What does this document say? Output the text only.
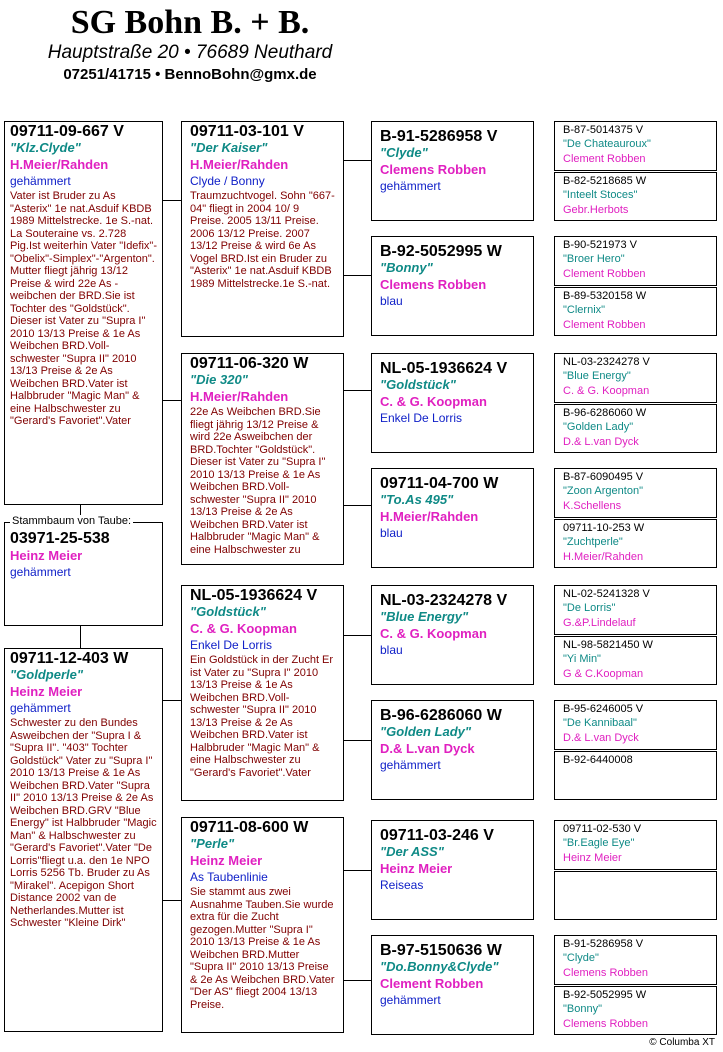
SG Bohn B. + B.
Hauptstraße 20 • 76689 Neuthard
07251/41715 • BennoBohn@gmx.de
09711-09-667 V
"Klz.Clyde"
H.Meier/Rahden
gehämmert
Vater ist Bruder zu As "Asterix" 1e nat.Asduif KBDB 1989 Mittelstrecke. 1e S.-nat. La Souteraine vs. 2.728 Pig.Ist weiterhin Vater "Idefix"-"Obelix"-Simplex"-"Argenton". Mutter fliegt jährig 13/12 Preise & wird 22e As - weibchen der BRD.Sie ist Tochter des "Goldstück". Dieser ist Vater zu "Supra I" 2010 13/13 Preise & 1e As Weibchen BRD.Voll-schwester "Supra II" 2010 13/13 Preise & 2e As Weibchen BRD.Vater ist Halbbruder "Magic Man" & eine Halbschwester zu "Gerard's Favoriet".Vater
03971-25-538
Heinz Meier
gehämmert
Stammbaum von Taube:
09711-12-403 W
"Goldperle"
Heinz Meier
gehämmert
Schwester zu den Bundes Asweibchen der "Supra I & "Supra II". "403" Tochter Goldstück" Vater zu "Supra I" 2010 13/13 Preise & 1e As Weibchen BRD.Vater "Supra II" 2010 13/13 Preise & 2e As Weibchen BRD.GRV "Blue Energy" ist Halbbruder "Magic Man" & Halbschwester zu "Gerard's Favoriet".Vater "De Lorris"fliegt u.a. den 1e NPO Lorris 5256 Tb. Bruder zu As "Mirakel". Acepigon Short Distance 2002 van de Netherlandes.Mutter ist Schwester "Kleine Dirk"
09711-03-101 V
"Der Kaiser"
H.Meier/Rahden
Clyde / Bonny
Traumzuchtvogel. Sohn "667-04" fliegt in 2004 10/ 9 Preise. 2005 13/11 Preise. 2006 13/12 Preise. 2007 13/12 Preise & wird 6e As Vogel BRD.Ist ein Bruder zu "Asterix" 1e nat.Asduif KBDB 1989 Mittelstrecke.1e S.-nat.
09711-06-320 W
"Die 320"
H.Meier/Rahden
22e As Weibchen BRD.Sie fliegt jährig 13/12 Preise & wird 22e Asweibchen der BRD.Tochter "Goldstück". Dieser ist Vater zu "Supra I" 2010 13/13 Preise & 1e As Weibchen BRD.Voll-schwester "Supra II" 2010 13/13 Preise & 2e As Weibchen BRD.Vater ist Halbbruder "Magic Man" & eine Halbschwester zu
NL-05-1936624 V
"Goldstück"
C. & G. Koopman
Enkel De Lorris
Ein Goldstück in der Zucht Er ist Vater zu "Supra I" 2010 13/13 Preise & 1e As Weibchen BRD.Voll-schwester "Supra II" 2010 13/13 Preise & 2e As Weibchen BRD.Vater ist Halbbruder "Magic Man" & eine Halbschwester zu "Gerard's Favoriet".Vater
09711-08-600 W
"Perle"
Heinz Meier
As Taubenlinie
Sie stammt aus zwei Ausnahme Tauben.Sie wurde extra für die Zucht gezogen.Mutter "Supra I" 2010 13/13 Preise & 1e As Weibchen BRD.Mutter "Supra II" 2010 13/13 Preise & 2e As Weibchen BRD.Vater "Der AS" fliegt 2004 13/13 Preise.
B-91-5286958 V
"Clyde"
Clemens Robben
gehämmert
B-92-5052995 W
"Bonny"
Clemens Robben
blau
NL-05-1936624 V
"Goldstück"
C. & G. Koopman
Enkel De Lorris
09711-04-700 W
"To.As 495"
H.Meier/Rahden
blau
NL-03-2324278 V
"Blue Energy"
C. & G. Koopman
blau
B-96-6286060 W
"Golden Lady"
D.& L.van Dyck
gehämmert
09711-03-246 V
"Der ASS"
Heinz Meier
Reiseas
B-97-5150636 W
"Do.Bonny&Clyde"
Clement Robben
gehämmert
B-87-5014375 V
"De Chateauroux"
Clement Robben
B-82-5218685 W
"Inteelt Stoces"
Gebr.Herbots
B-90-521973 V
"Broer Hero"
Clement Robben
B-89-5320158 W
"Clernix"
Clement Robben
NL-03-2324278 V
"Blue Energy"
C. & G. Koopman
B-96-6286060 W
"Golden Lady"
D.& L.van Dyck
B-87-6090495 V
"Zoon Argenton"
K.Schellens
09711-10-253 W
"Zuchtperle"
H.Meier/Rahden
NL-02-5241328 V
"De Lorris"
G.&P.Lindelauf
NL-98-5821450 W
"Yi Min"
G & C.Koopman
B-95-6246005 V
"De Kannibaal"
D.& L.van Dyck
B-92-6440008
09711-02-530 V
"Br.Eagle Eye"
Heinz Meier
B-91-5286958 V
"Clyde"
Clemens Robben
B-92-5052995 W
"Bonny"
Clemens Robben
© Columba XT
